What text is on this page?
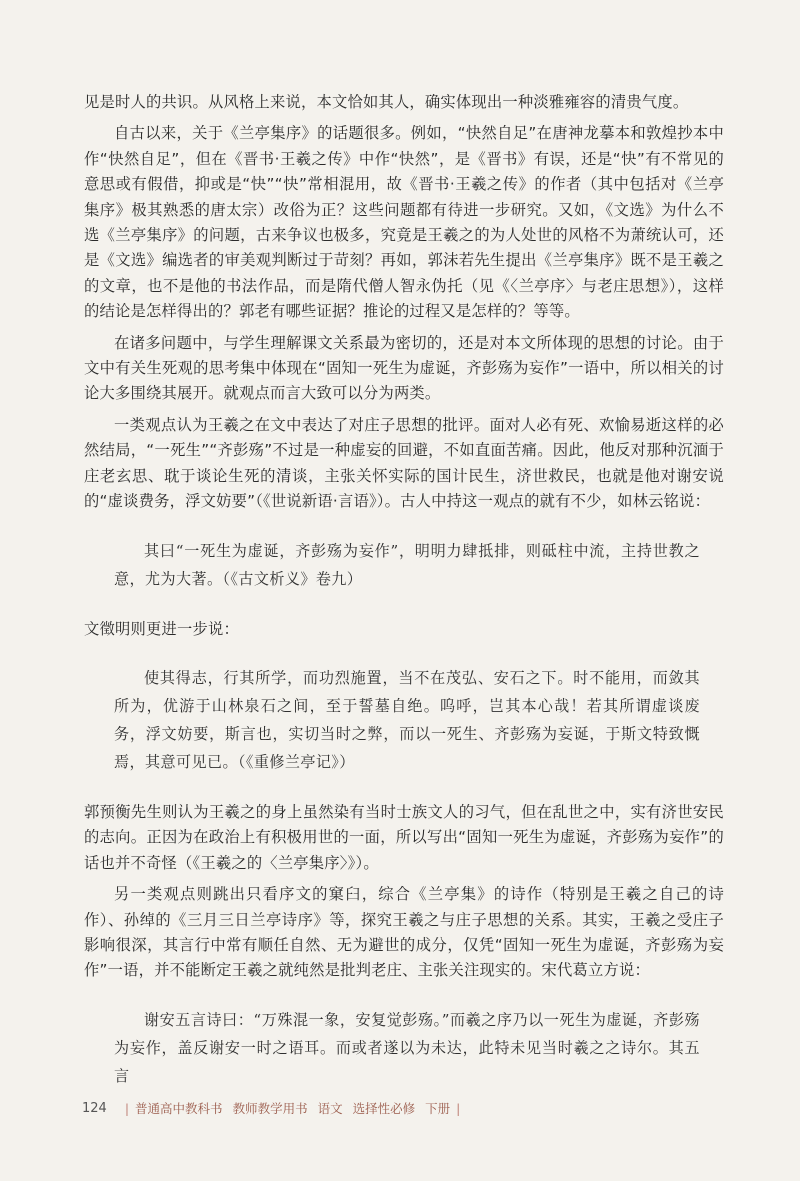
见是时人的共识。从风格上来说，本文恰如其人，确实体现出一种淡雅雍容的清贵气度。

自古以来，关于《兰亭集序》的话题很多。例如，“快然自足”在唐神龙摹本和敦煌抄本中作“快然自足”，但在《晋书·王羲之传》中作“快然”，是《晋书》有误，还是“快”有不常见的意思或有假借，抑或是“快”“快”常相混用，故《晋书·王羲之传》的作者（其中包括对《兰亭集序》极其熟悉的唐太宗）改俗为正？这些问题都有待进一步研究。又如，《文选》为什么不选《兰亭集序》的问题，古来争议也极多，究竟是王羲之的为人处世的风格不为萧统认可，还是《文选》编选者的审美观判断过于苛刻？再如，郭沫若先生提出《兰亭集序》既不是王羲之的文章，也不是他的书法作品，而是隋代僧人智永伪托（见《〈兰亭序〉与老庄思想》），这样的结论是怎样得出的？郭老有哪些证据？推论的过程又是怎样的？等等。

在诸多问题中，与学生理解课文关系最为密切的，还是对本文所体现的思想的讨论。由于文中有关生死观的思考集中体现在“固知一死生为虚诞，齐彭殇为妄作”一语中，所以相关的讨论大多围绕其展开。就观点而言大致可以分为两类。

一类观点认为王羲之在文中表达了对庄子思想的批评。面对人必有死、欢愉易逝这样的必然结局，“一死生”“齐彭殇”不过是一种虚妄的回避，不如直面苦痛。因此，他反对那种沉湎于庄老玄思、耽于谈论生死的清谈，主张关怀实际的国计民生，济世救民，也就是他对谢安说的“虚谈费务，浮文妨要”（《世说新语·言语》）。古人中持这一观点的就有不少，如林云铭说：

其曰“一死生为虚诞，齐彭殇为妄作”，明明力肆抵排，则砥柱中流，主持世教之意，尤为大著。（《古文析义》卷九）

文徵明则更进一步说：

使其得志，行其所学，而功烈施置，当不在茂弘、安石之下。时不能用，而敛其所为，优游于山林泉石之间，至于誓墓自绝。呜呼，岂其本心哉！若其所谓虚谈废务，浮文妨要，斯言也，实切当时之弊，而以一死生、齐彭殇为妄诞，于斯文特致慨焉，其意可见已。（《重修兰亭记》）

郭预衡先生则认为王羲之的身上虽然染有当时士族文人的习气，但在乱世之中，实有济世安民的志向。正因为在政治上有积极用世的一面，所以写出“固知一死生为虚诞，齐彭殇为妄作”的话也并不奇怪（《王羲之的〈兰亭集序〉》）。

另一类观点则跳出只看序文的窠臼，综合《兰亭集》的诗作（特别是王羲之自己的诗作）、孙绰的《三月三日兰亭诗序》等，探究王羲之与庄子思想的关系。其实，王羲之受庄子影响很深，其言行中常有顺任自然、无为避世的成分，仅凭“固知一死生为虚诞，齐彭殇为妄作”一语，并不能断定王羲之就纯然是批判老庄、主张关注现实的。宋代葛立方说：

谢安五言诗曰：“万殊混一象，安复觉彭殇。”而羲之序乃以一死生为虚诞，齐彭殇为妄作，盖反谢安一时之语耳。而或者遂以为未达，此特未见当时羲之之诗尔。其五言

124 | 普通高中教科书 教师教学用书 语文 选择性必修 下册 |
